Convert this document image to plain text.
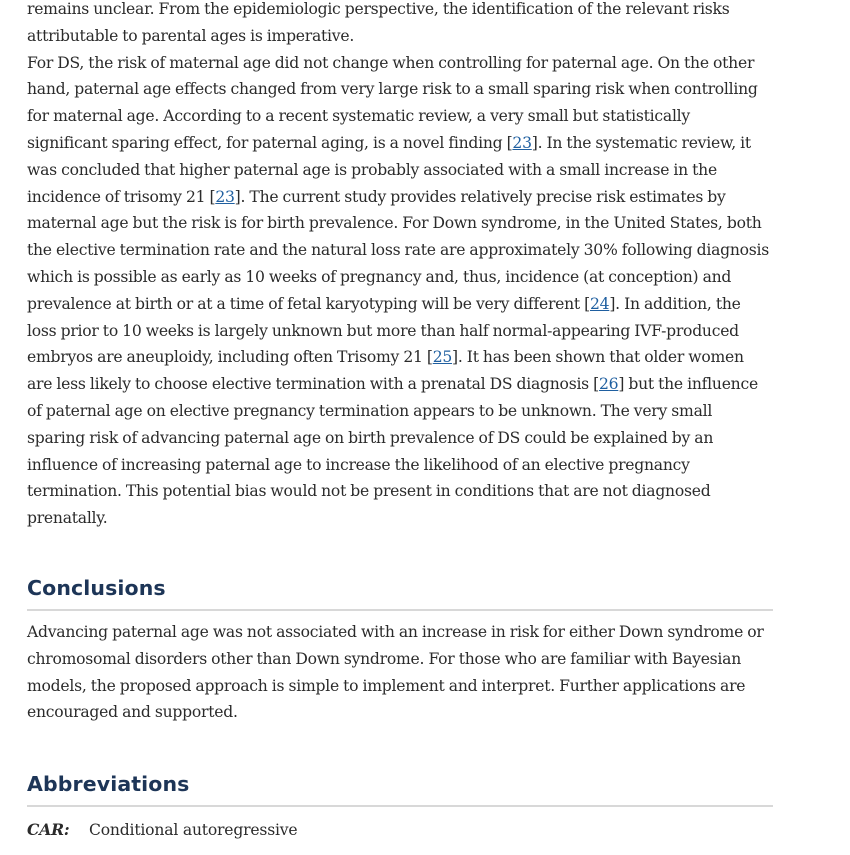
remains unclear. From the epidemiologic perspective, the identification of the relevant risks attributable to parental ages is imperative.

For DS, the risk of maternal age did not change when controlling for paternal age. On the other hand, paternal age effects changed from very large risk to a small sparing risk when controlling for maternal age. According to a recent systematic review, a very small but statistically significant sparing effect, for paternal aging, is a novel finding [23]. In the systematic review, it was concluded that higher paternal age is probably associated with a small increase in the incidence of trisomy 21 [23]. The current study provides relatively precise risk estimates by maternal age but the risk is for birth prevalence. For Down syndrome, in the United States, both the elective termination rate and the natural loss rate are approximately 30% following diagnosis which is possible as early as 10 weeks of pregnancy and, thus, incidence (at conception) and prevalence at birth or at a time of fetal karyotyping will be very different [24]. In addition, the loss prior to 10 weeks is largely unknown but more than half normal-appearing IVF-produced embryos are aneuploidy, including often Trisomy 21 [25]. It has been shown that older women are less likely to choose elective termination with a prenatal DS diagnosis [26] but the influence of paternal age on elective pregnancy termination appears to be unknown. The very small sparing risk of advancing paternal age on birth prevalence of DS could be explained by an influence of increasing paternal age to increase the likelihood of an elective pregnancy termination. This potential bias would not be present in conditions that are not diagnosed prenatally.

Conclusions

Advancing paternal age was not associated with an increase in risk for either Down syndrome or chromosomal disorders other than Down syndrome. For those who are familiar with Bayesian models, the proposed approach is simple to implement and interpret. Further applications are encouraged and supported.

Abbreviations
CAR: Conditional autoregressive
